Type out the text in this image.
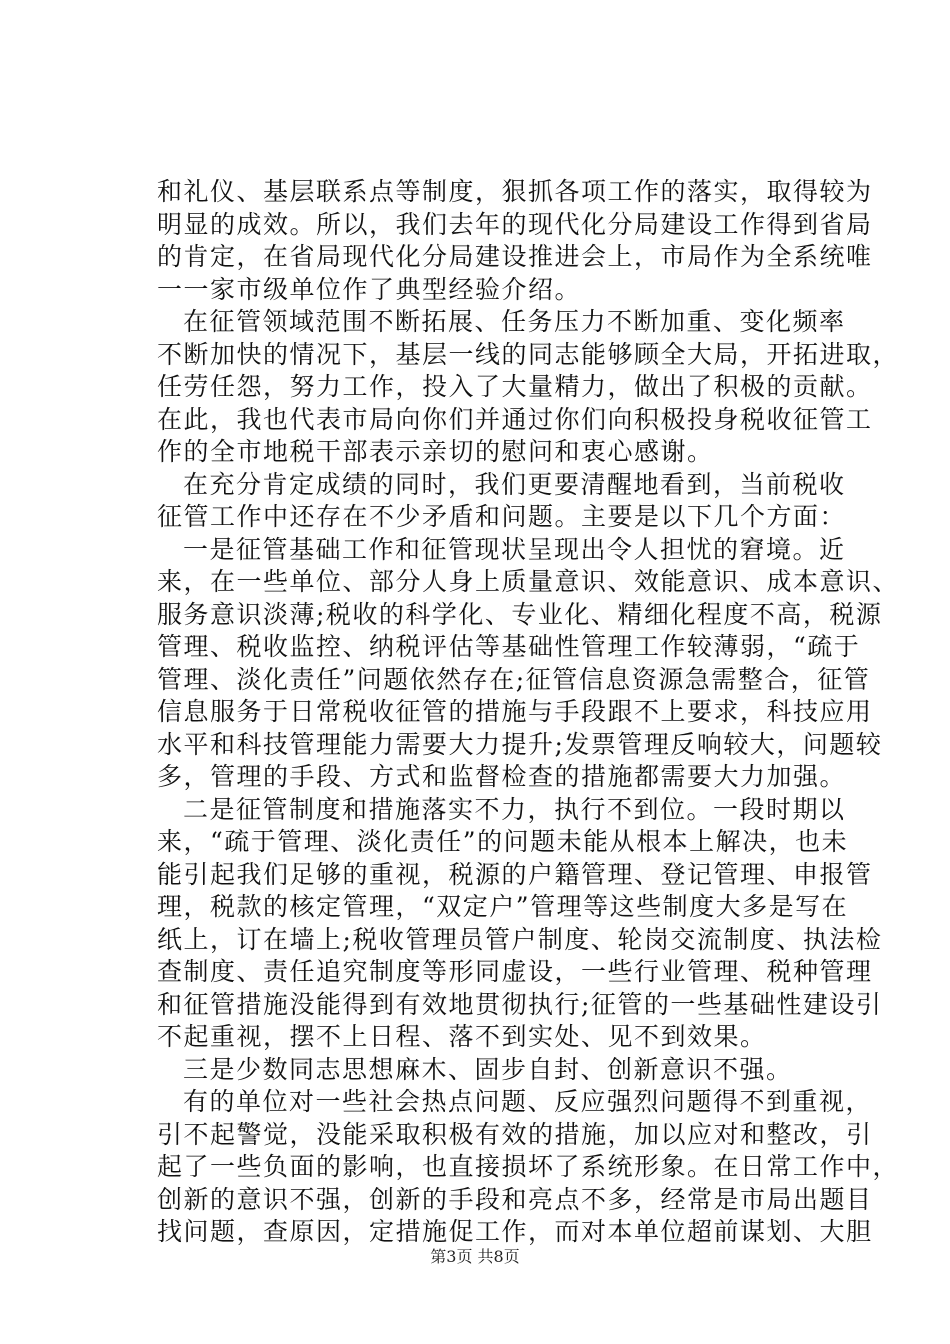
和礼仪、基层联系点等制度，狠抓各项工作的落实，取得较为
明显的成效。所以，我们去年的现代化分局建设工作得到省局
的肯定，在省局现代化分局建设推进会上，市局作为全系统唯
一一家市级单位作了典型经验介绍。
在征管领域范围不断拓展、任务压力不断加重、变化频率
不断加快的情况下，基层一线的同志能够顾全大局，开拓进取，
任劳任怨，努力工作，投入了大量精力，做出了积极的贡献。
在此，我也代表市局向你们并通过你们向积极投身税收征管工
作的全市地税干部表示亲切的慰问和衷心感谢。
在充分肯定成绩的同时，我们更要清醒地看到，当前税收
征管工作中还存在不少矛盾和问题。主要是以下几个方面：
一是征管基础工作和征管现状呈现出令人担忧的窘境。近
来，在一些单位、部分人身上质量意识、效能意识、成本意识、
服务意识淡薄;税收的科学化、专业化、精细化程度不高，税源
管理、税收监控、纳税评估等基础性管理工作较薄弱，“疏于
管理、淡化责任”问题依然存在;征管信息资源急需整合，征管
信息服务于日常税收征管的措施与手段跟不上要求，科技应用
水平和科技管理能力需要大力提升;发票管理反响较大，问题较
多，管理的手段、方式和监督检查的措施都需要大力加强。
二是征管制度和措施落实不力，执行不到位。一段时期以
来，“疏于管理、淡化责任”的问题未能从根本上解决，也未
能引起我们足够的重视，税源的户籍管理、登记管理、申报管
理，税款的核定管理，“双定户”管理等这些制度大多是写在
纸上，订在墙上;税收管理员管户制度、轮岗交流制度、执法检
查制度、责任追究制度等形同虚设，一些行业管理、税种管理
和征管措施没能得到有效地贯彻执行;征管的一些基础性建设引
不起重视，摆不上日程、落不到实处、见不到效果。
三是少数同志思想麻木、固步自封、创新意识不强。
有的单位对一些社会热点问题、反应强烈问题得不到重视，
引不起警觉，没能采取积极有效的措施，加以应对和整改，引
起了一些负面的影响，也直接损坏了系统形象。在日常工作中，
创新的意识不强，创新的手段和亮点不多，经常是市局出题目
找问题，查原因，定措施促工作，而对本单位超前谋划、大胆
第3页 共8页
